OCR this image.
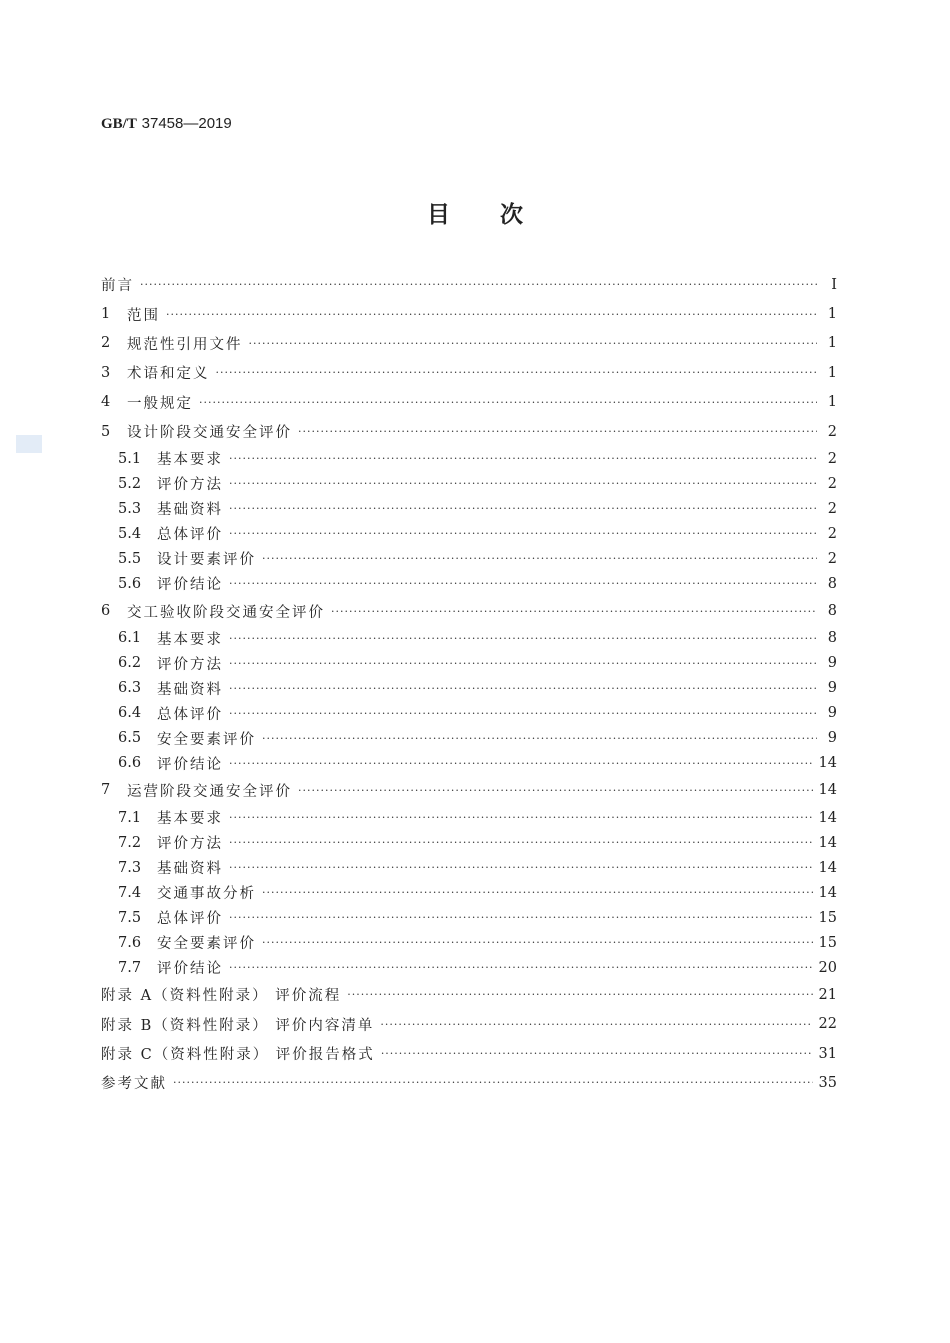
GB/T 37458—2019
目次
前言 ·····	Ⅰ
1	范围 ·····	1
2	规范性引用文件 ·····	1
3	术语和定义 ·····	1
4	一般规定 ·····	1
5	设计阶段交通安全评价 ·····	2
5.1	基本要求 ·····	2
5.2	评价方法 ·····	2
5.3	基础资料 ·····	2
5.4	总体评价 ·····	2
5.5	设计要素评价 ·····	2
5.6	评价结论 ·····	8
6	交工验收阶段交通安全评价 ·····	8
6.1	基本要求 ·····	8
6.2	评价方法 ·····	9
6.3	基础资料 ·····	9
6.4	总体评价 ·····	9
6.5	安全要素评价 ·····	9
6.6	评价结论 ·····	14
7	运营阶段交通安全评价 ·····	14
7.1	基本要求 ·····	14
7.2	评价方法 ·····	14
7.3	基础资料 ·····	14
7.4	交通事故分析 ·····	14
7.5	总体评价 ·····	15
7.6	安全要素评价 ·····	15
7.7	评价结论 ·····	20
附录 A（资料性附录） 评价流程 ·····	21
附录 B（资料性附录） 评价内容清单 ·····	22
附录 C（资料性附录） 评价报告格式 ·····	31
参考文献 ·····	35
